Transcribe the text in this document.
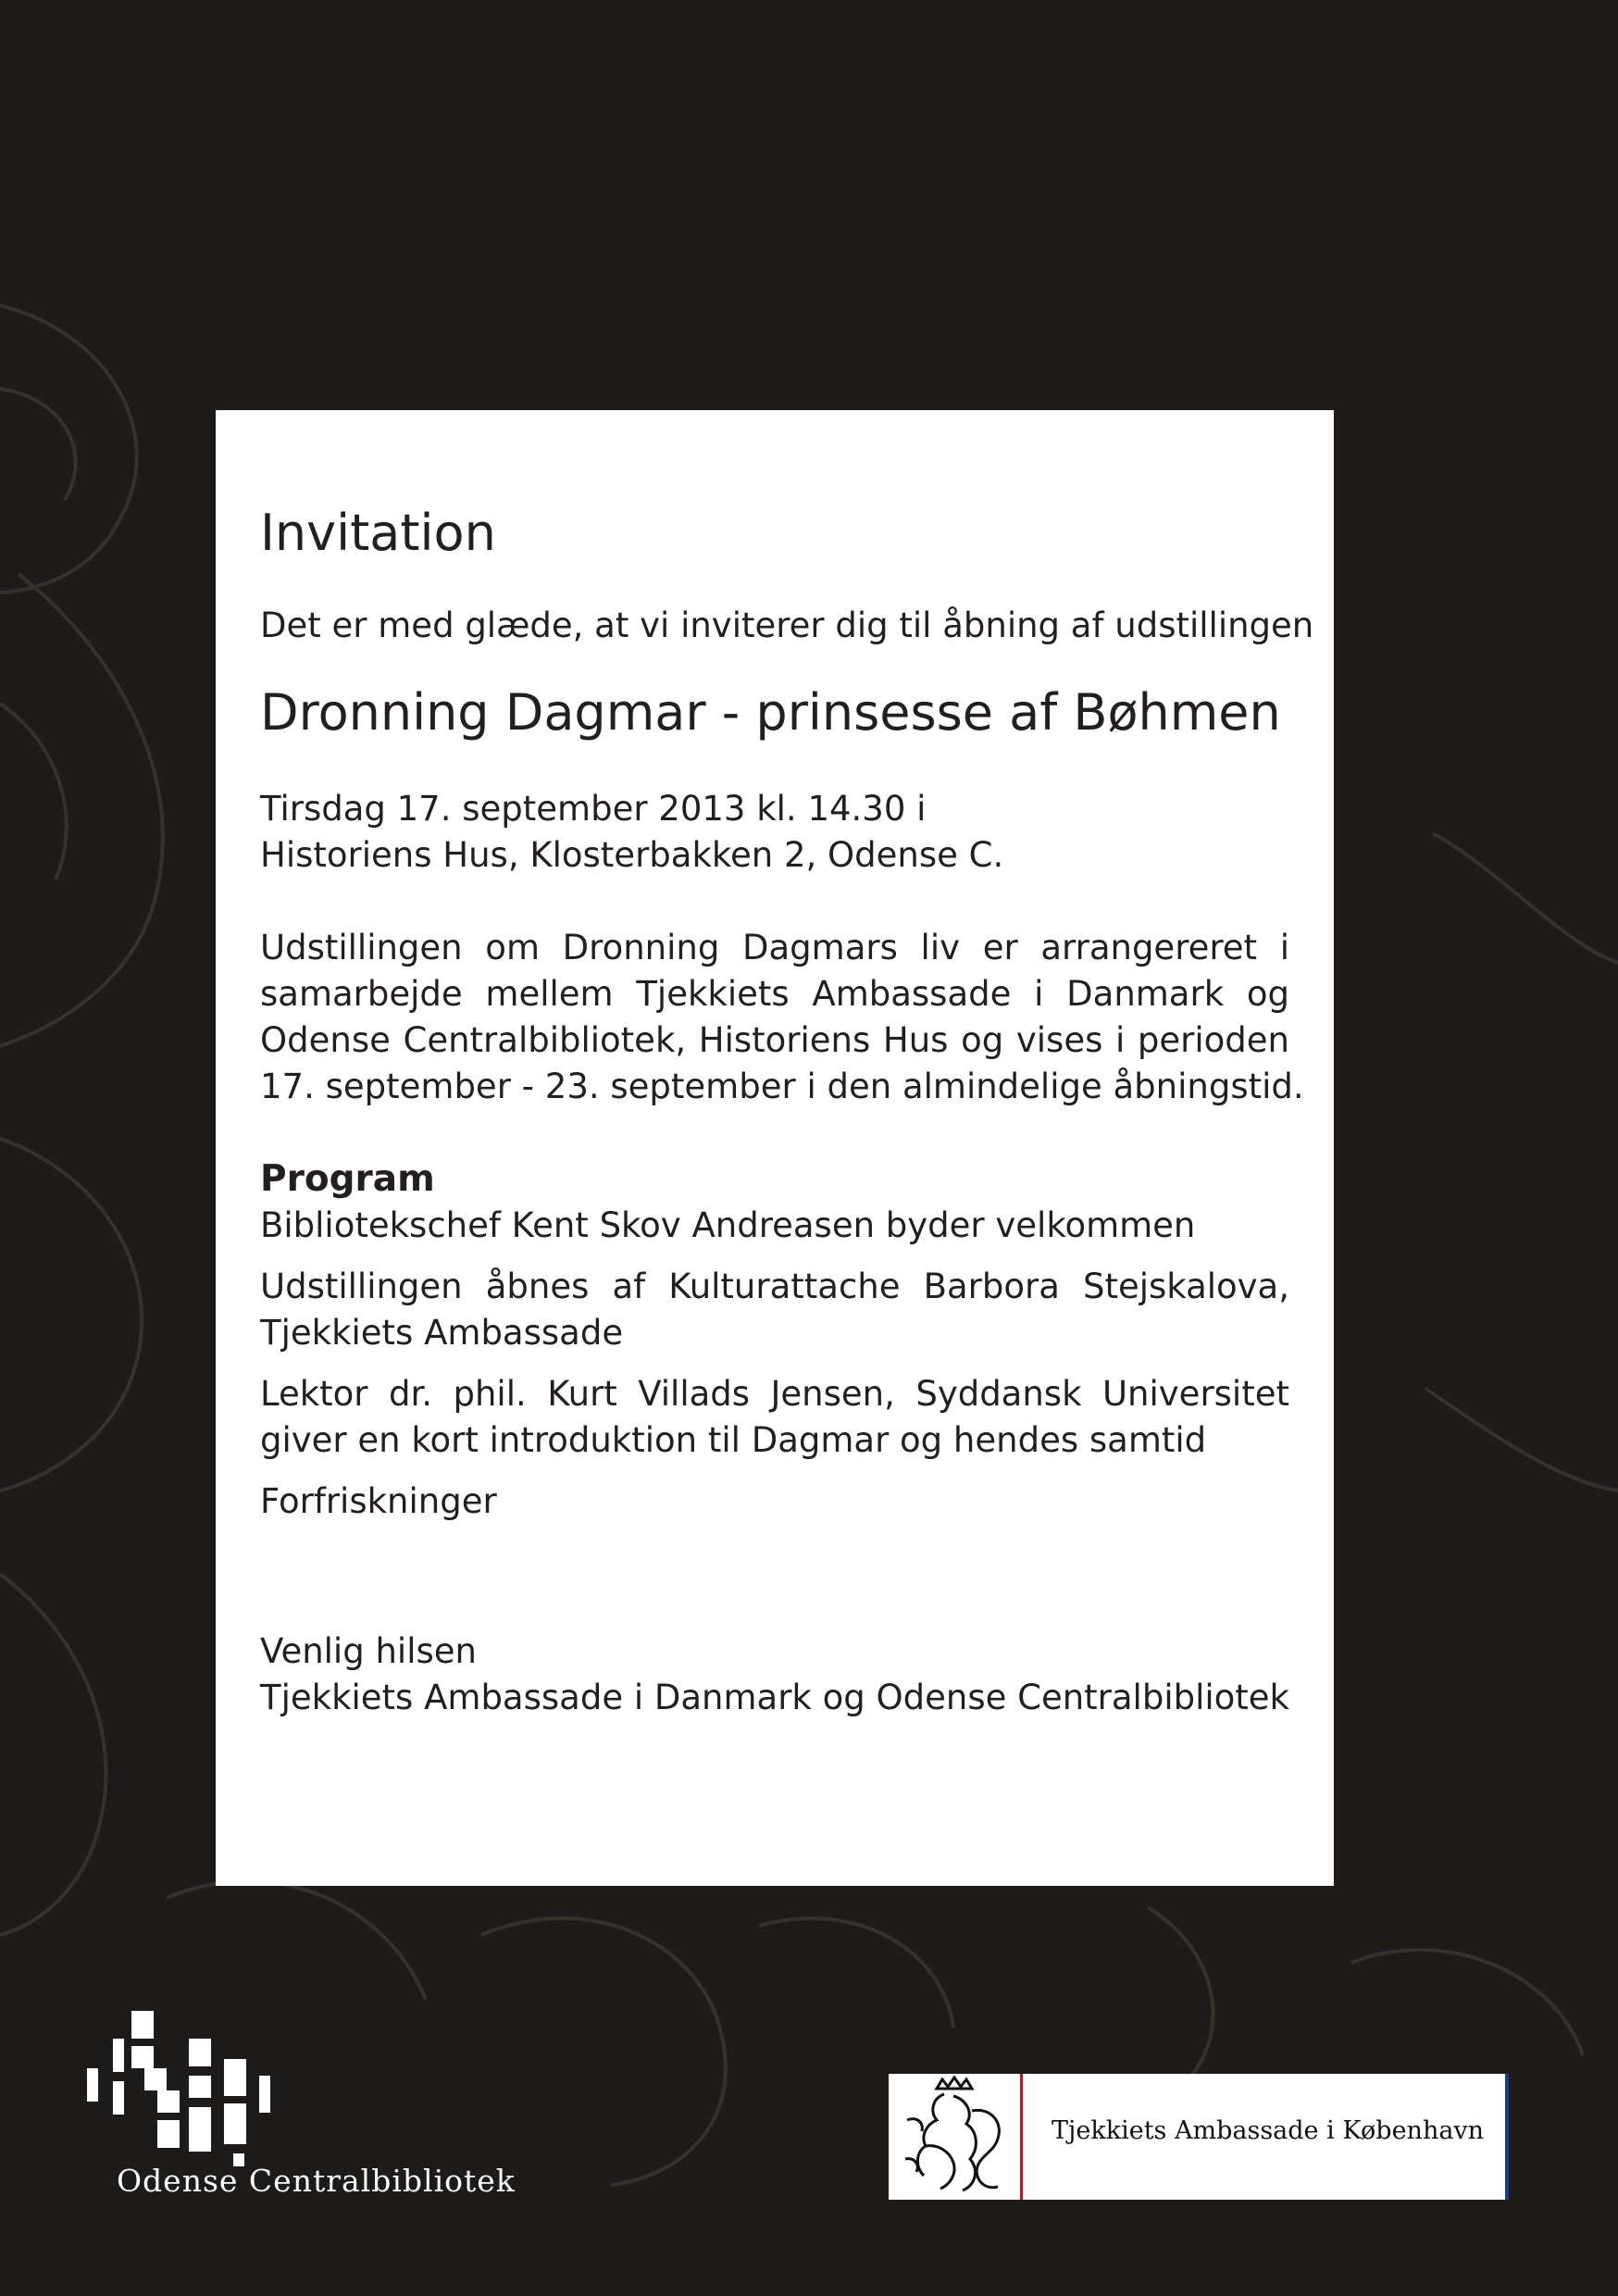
Invitation
Det er med glæde, at vi inviterer dig til åbning af udstillingen
Dronning Dagmar - prinsesse af Bøhmen
Tirsdag 17. september 2013 kl. 14.30 i
Historiens Hus, Klosterbakken 2, Odense C.
Udstillingen om Dronning Dagmars liv er arrangereret i
samarbejde mellem Tjekkiets Ambassade i Danmark og
Odense Centralbibliotek, Historiens Hus og vises i perioden
17. september - 23. september i den almindelige åbningstid.
Program
Bibliotekschef Kent Skov Andreasen byder velkommen
Udstillingen åbnes af Kulturattache Barbora Stejskalova,
Tjekkiets Ambassade
Lektor dr. phil. Kurt Villads Jensen, Syddansk Universitet
giver en kort introduktion til Dagmar og hendes samtid
Forfriskninger
Venlig hilsen
Tjekkiets Ambassade i Danmark og Odense Centralbibliotek
Odense Centralbibliotek
Tjekkiets Ambassade i København
